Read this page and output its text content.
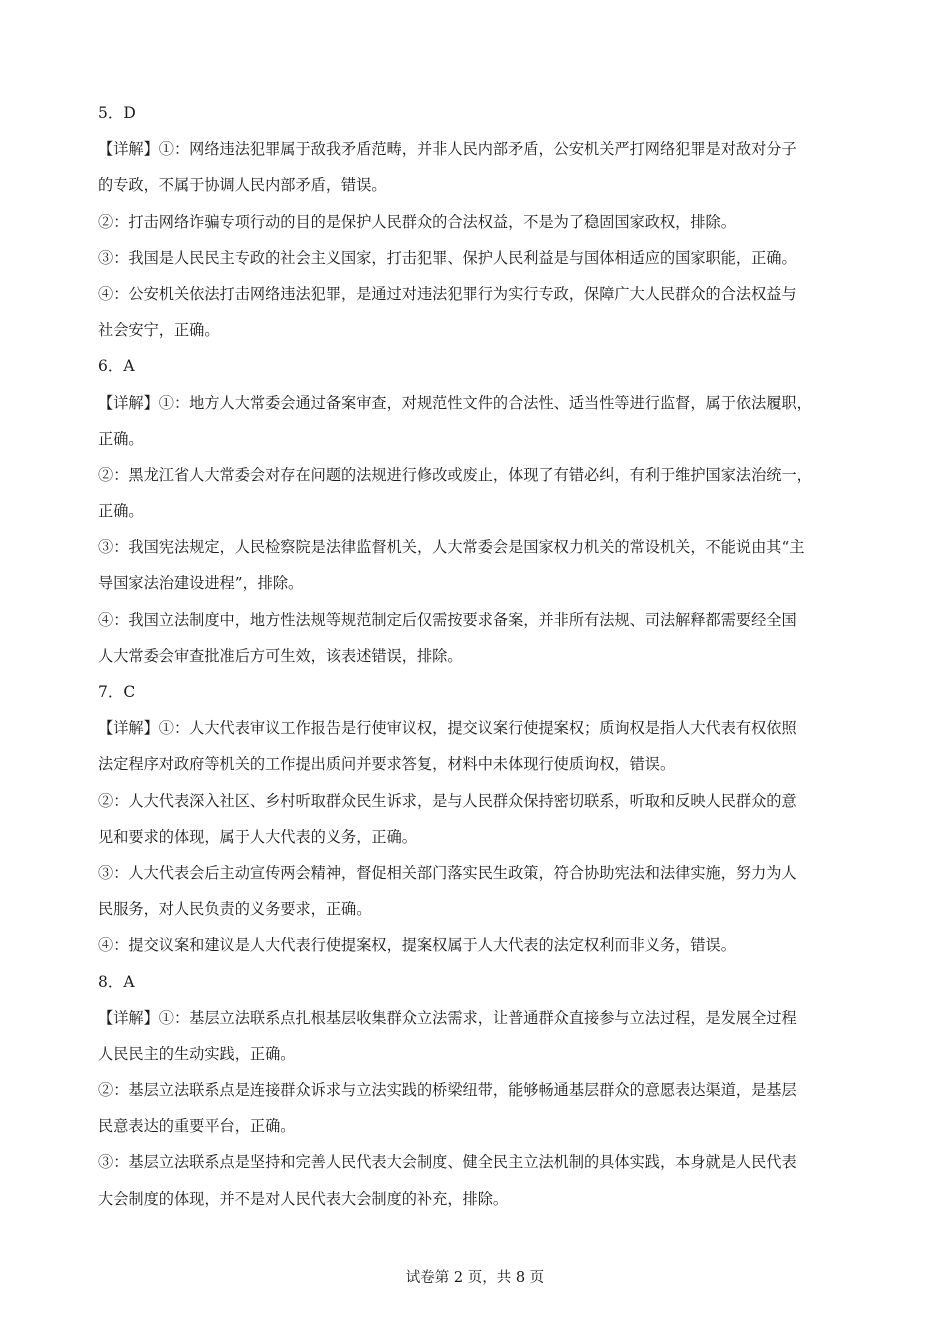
5．D
【详解】①：网络违法犯罪属于敌我矛盾范畴，并非人民内部矛盾，公安机关严打网络犯罪是对敌对分子
的专政，不属于协调人民内部矛盾，错误。
②：打击网络诈骗专项行动的目的是保护人民群众的合法权益，不是为了稳固国家政权，排除。
③：我国是人民民主专政的社会主义国家，打击犯罪、保护人民利益是与国体相适应的国家职能，正确。
④：公安机关依法打击网络违法犯罪，是通过对违法犯罪行为实行专政，保障广大人民群众的合法权益与
社会安宁，正确。
6．A
【详解】①：地方人大常委会通过备案审查，对规范性文件的合法性、适当性等进行监督，属于依法履职，
正确。
②：黑龙江省人大常委会对存在问题的法规进行修改或废止，体现了有错必纠，有利于维护国家法治统一，
正确。
③：我国宪法规定，人民检察院是法律监督机关，人大常委会是国家权力机关的常设机关，不能说由其“主
导国家法治建设进程”，排除。
④：我国立法制度中，地方性法规等规范制定后仅需按要求备案，并非所有法规、司法解释都需要经全国
人大常委会审查批准后方可生效，该表述错误，排除。
7．C
【详解】①：人大代表审议工作报告是行使审议权，提交议案行使提案权；质询权是指人大代表有权依照
法定程序对政府等机关的工作提出质问并要求答复，材料中未体现行使质询权，错误。
②：人大代表深入社区、乡村听取群众民生诉求，是与人民群众保持密切联系，听取和反映人民群众的意
见和要求的体现，属于人大代表的义务，正确。
③：人大代表会后主动宣传两会精神，督促相关部门落实民生政策，符合协助宪法和法律实施，努力为人
民服务，对人民负责的义务要求，正确。
④：提交议案和建议是人大代表行使提案权，提案权属于人大代表的法定权利而非义务，错误。
8．A
【详解】①：基层立法联系点扎根基层收集群众立法需求，让普通群众直接参与立法过程，是发展全过程
人民民主的生动实践，正确。
②：基层立法联系点是连接群众诉求与立法实践的桥梁纽带，能够畅通基层群众的意愿表达渠道，是基层
民意表达的重要平台，正确。
③：基层立法联系点是坚持和完善人民代表大会制度、健全民主立法机制的具体实践，本身就是人民代表
大会制度的体现，并不是对人民代表大会制度的补充，排除。
试卷第 2 页，共 8 页
